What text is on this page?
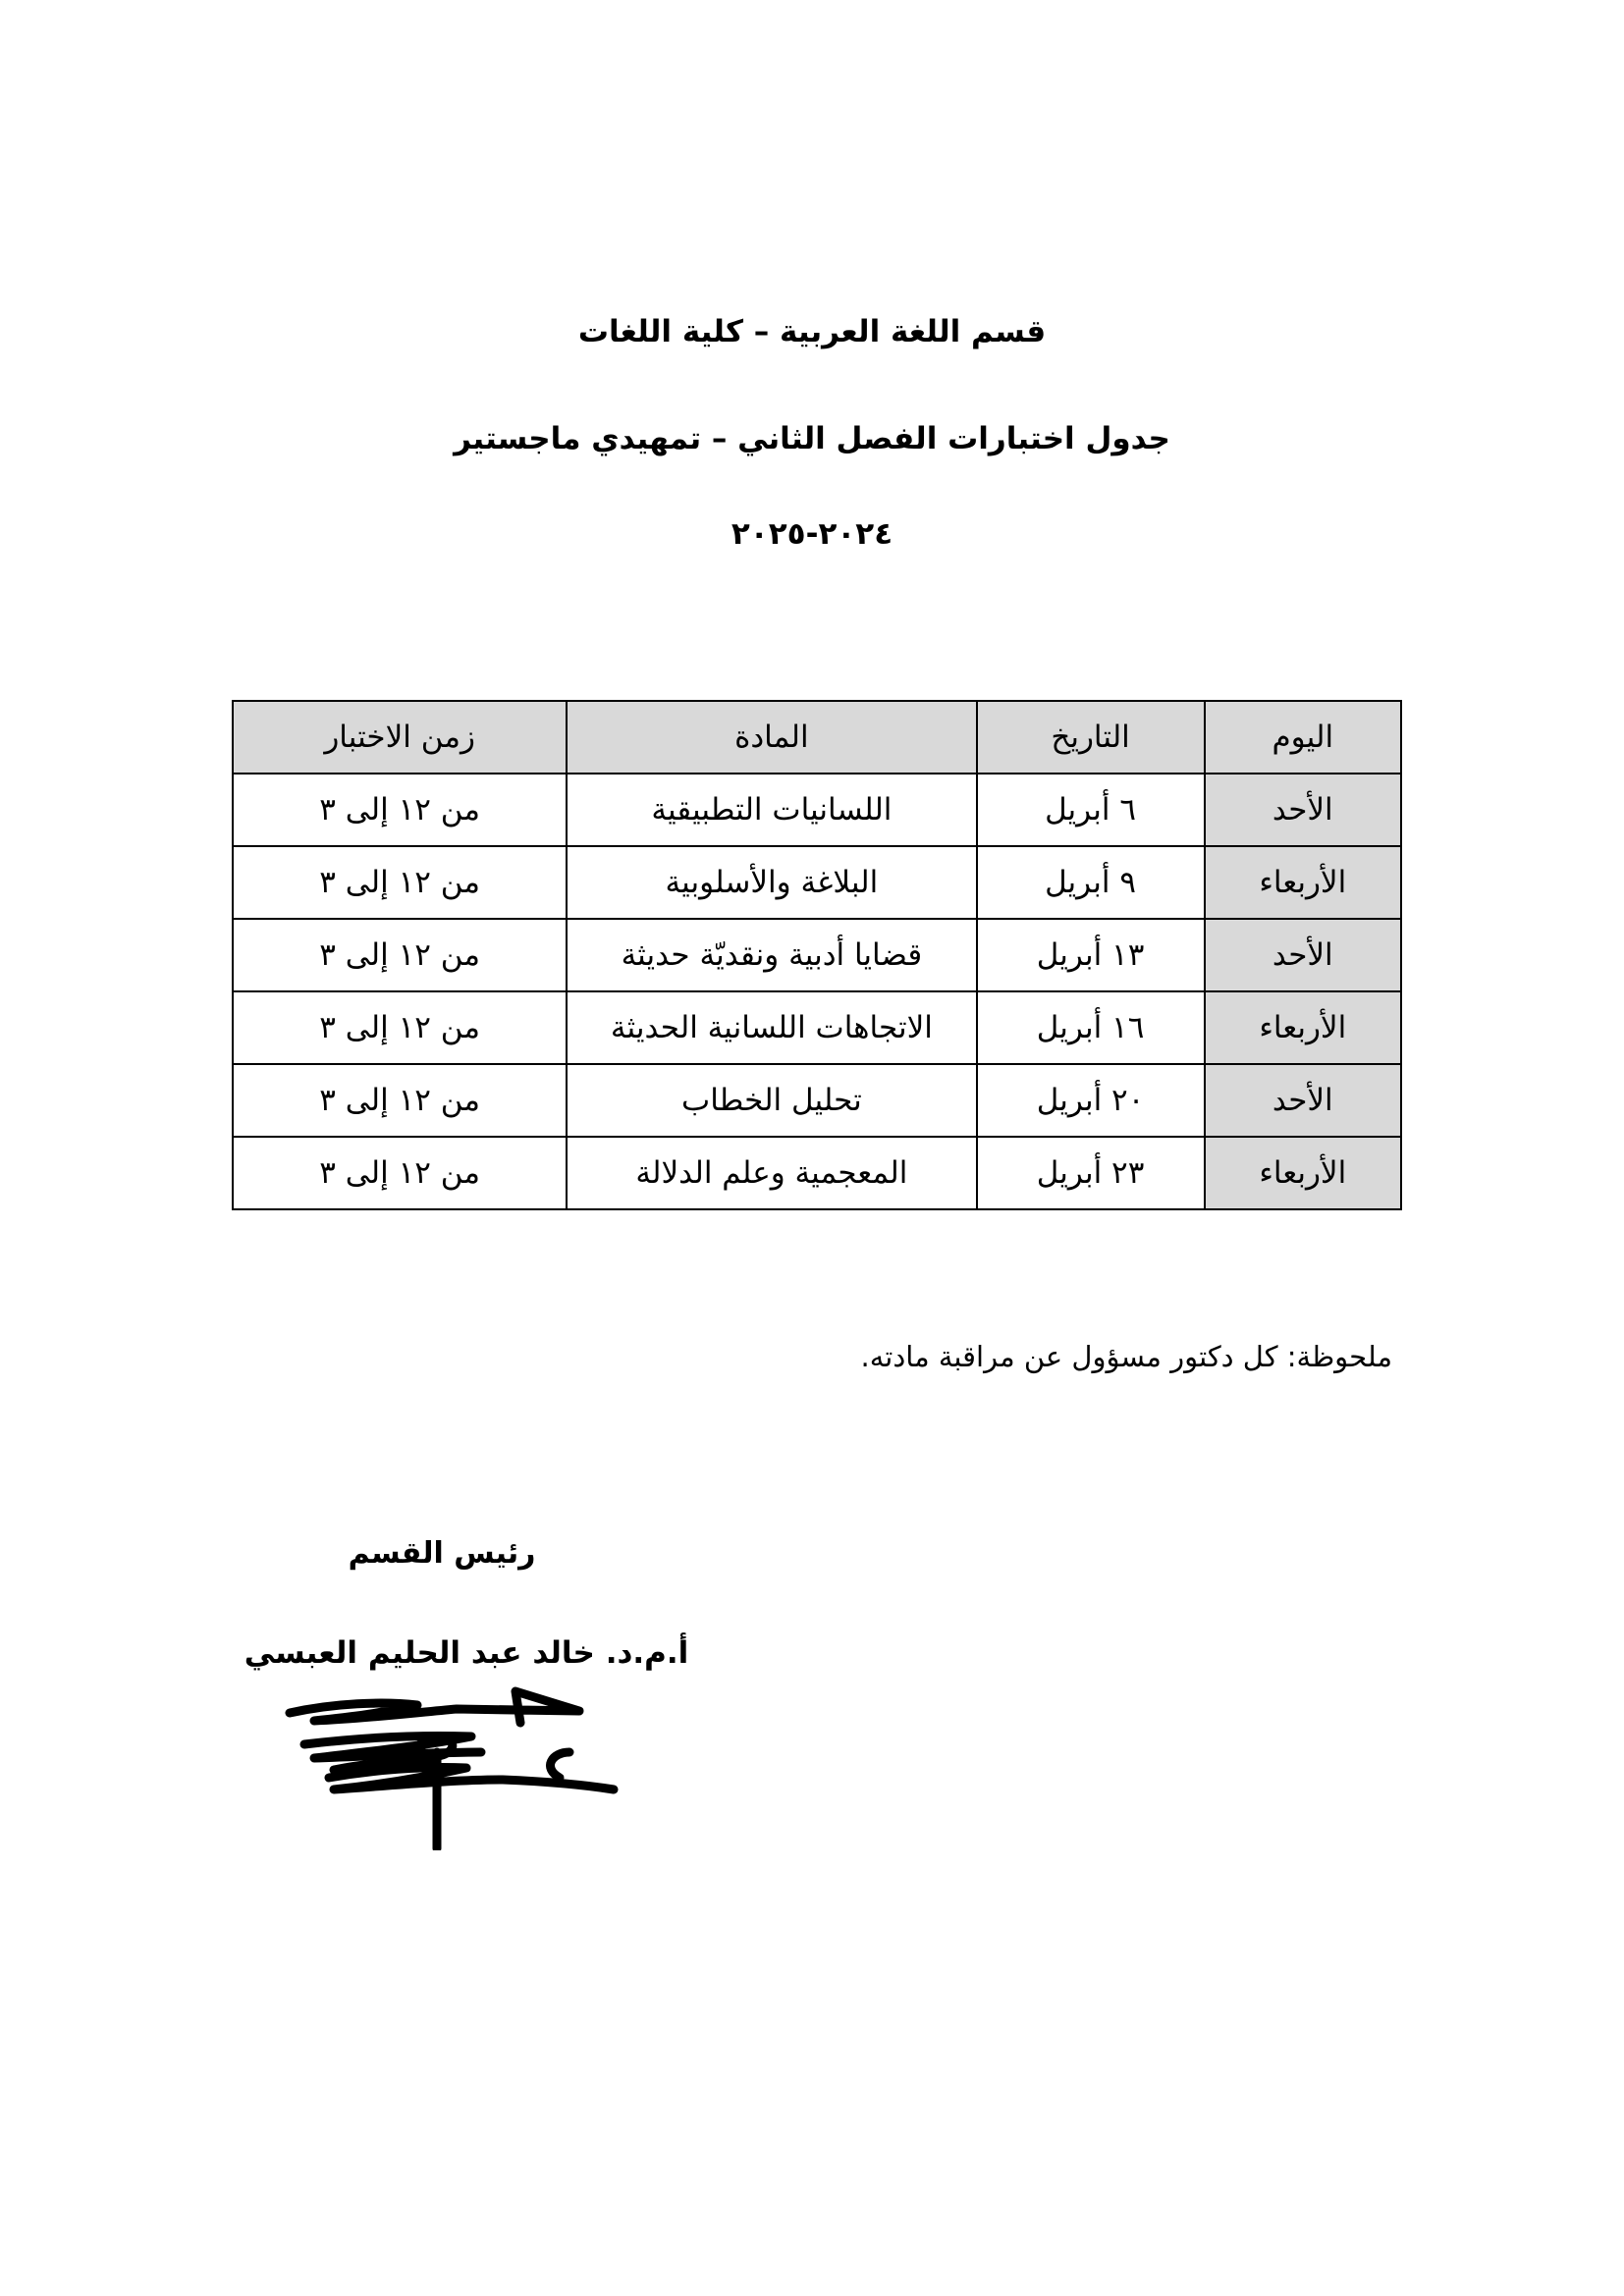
قسم اللغة العربية – كلية اللغات
جدول اختبارات الفصل الثاني – تمهيدي ماجستير
٢٠٢٤-٢٠٢٥
اليوم	التاريخ	المادة	زمن الاختبار
الأحد	٦ أبريل	اللسانيات التطبيقية	من ١٢ إلى ٣
الأربعاء	٩ أبريل	البلاغة والأسلوبية	من ١٢ إلى ٣
الأحد	١٣ أبريل	قضايا أدبية ونقديّة حديثة	من ١٢ إلى ٣
الأربعاء	١٦ أبريل	الاتجاهات اللسانية الحديثة	من ١٢ إلى ٣
الأحد	٢٠ أبريل	تحليل الخطاب	من ١٢ إلى ٣
الأربعاء	٢٣ أبريل	المعجمية وعلم الدلالة	من ١٢ إلى ٣
ملحوظة: كل دكتور مسؤول عن مراقبة مادته.
رئيس القسم
أ.م.د. خالد عبد الحليم العبسي
